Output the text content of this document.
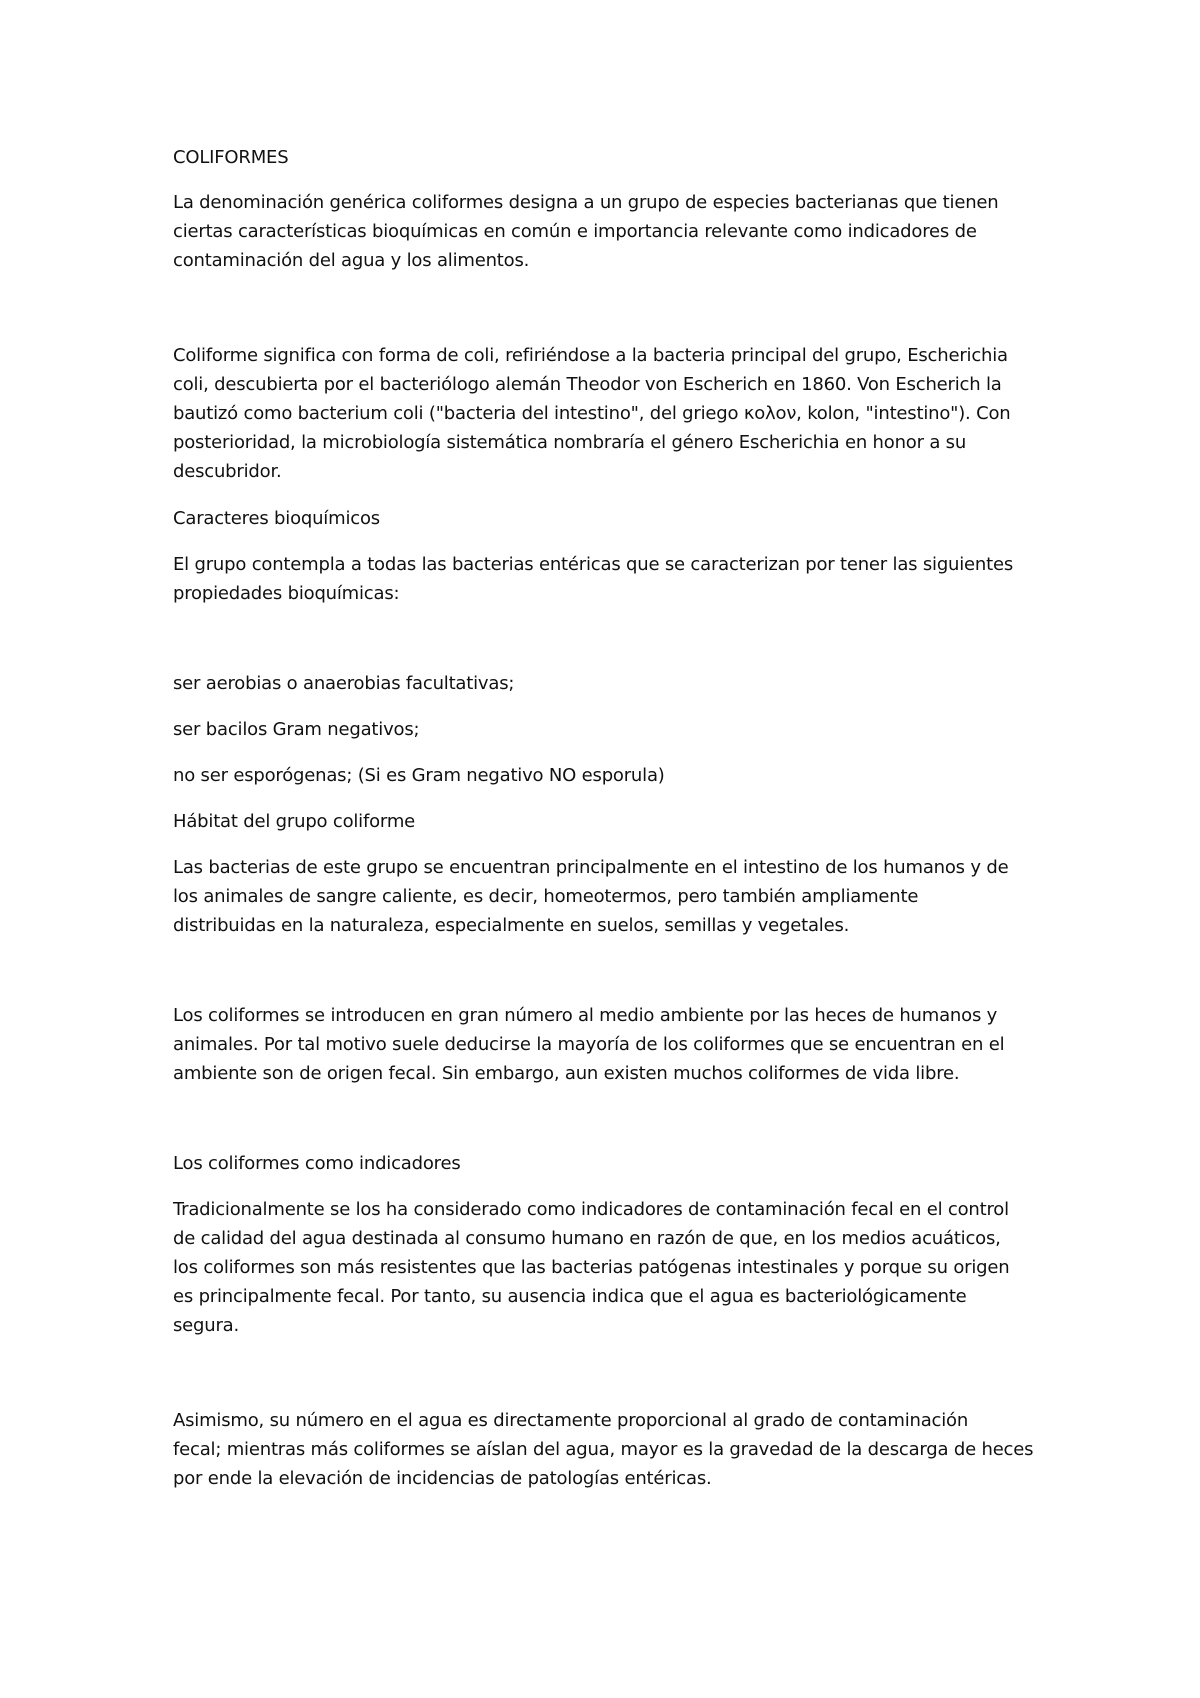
COLIFORMES

La denominación genérica coliformes designa a un grupo de especies bacterianas que tienen

ciertas características bioquímicas en común e importancia relevante como indicadores de

contaminación del agua y los alimentos.

Coliforme significa con forma de coli, refiriéndose a la bacteria principal del grupo, Escherichia

coli, descubierta por el bacteriólogo alemán Theodor von Escherich en 1860. Von Escherich la

bautizó como bacterium coli ("bacteria del intestino", del griego κολον, kolon, "intestino"). Con

posterioridad, la microbiología sistemática nombraría el género Escherichia en honor a su

descubridor.

Caracteres bioquímicos

El grupo contempla a todas las bacterias entéricas que se caracterizan por tener las siguientes

propiedades bioquímicas:

ser aerobias o anaerobias facultativas;

ser bacilos Gram negativos;

no ser esporógenas; (Si es Gram negativo NO esporula)

Hábitat del grupo coliforme

Las bacterias de este grupo se encuentran principalmente en el intestino de los humanos y de

los animales de sangre caliente, es decir, homeotermos, pero también ampliamente

distribuidas en la naturaleza, especialmente en suelos, semillas y vegetales.

Los coliformes se introducen en gran número al medio ambiente por las heces de humanos y

animales. Por tal motivo suele deducirse la mayoría de los coliformes que se encuentran en el

ambiente son de origen fecal. Sin embargo, aun existen muchos coliformes de vida libre.

Los coliformes como indicadores

Tradicionalmente se los ha considerado como indicadores de contaminación fecal en el control

de calidad del agua destinada al consumo humano en razón de que, en los medios acuáticos,

los coliformes son más resistentes que las bacterias patógenas intestinales y porque su origen

es principalmente fecal. Por tanto, su ausencia indica que el agua es bacteriológicamente

segura.

Asimismo, su número en el agua es directamente proporcional al grado de contaminación

fecal; mientras más coliformes se aíslan del agua, mayor es la gravedad de la descarga de heces

por ende la elevación de incidencias de patologías entéricas.
